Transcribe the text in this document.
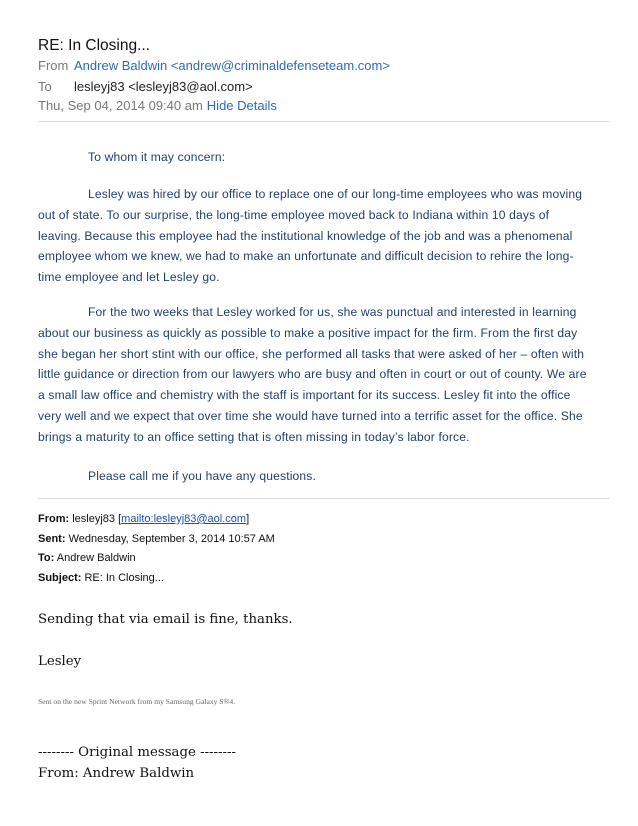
RE: In Closing...
From Andrew Baldwin <andrew@criminaldefenseteam.com>
To lesleyj83 <lesleyj83@aol.com>
Thu, Sep 04, 2014 09:40 am Hide Details

To whom it may concern:

Lesley was hired by our office to replace one of our long-time employees who was moving out of state. To our surprise, the long-time employee moved back to Indiana within 10 days of leaving. Because this employee had the institutional knowledge of the job and was a phenomenal employee whom we knew, we had to make an unfortunate and difficult decision to rehire the long-time employee and let Lesley go.

For the two weeks that Lesley worked for us, she was punctual and interested in learning about our business as quickly as possible to make a positive impact for the firm. From the first day she began her short stint with our office, she performed all tasks that were asked of her – often with little guidance or direction from our lawyers who are busy and often in court or out of county. We are a small law office and chemistry with the staff is important for its success. Lesley fit into the office very well and we expect that over time she would have turned into a terrific asset for the office. She brings a maturity to an office setting that is often missing in today’s labor force.

Please call me if you have any questions.

From: lesleyj83 [mailto:lesleyj83@aol.com]
Sent: Wednesday, September 3, 2014 10:57 AM
To: Andrew Baldwin
Subject: RE: In Closing...
Sending that via email is fine, thanks.
Lesley
Sent on the new Sprint Network from my Samsung Galaxy S®4.
-------- Original message --------
From: Andrew Baldwin
